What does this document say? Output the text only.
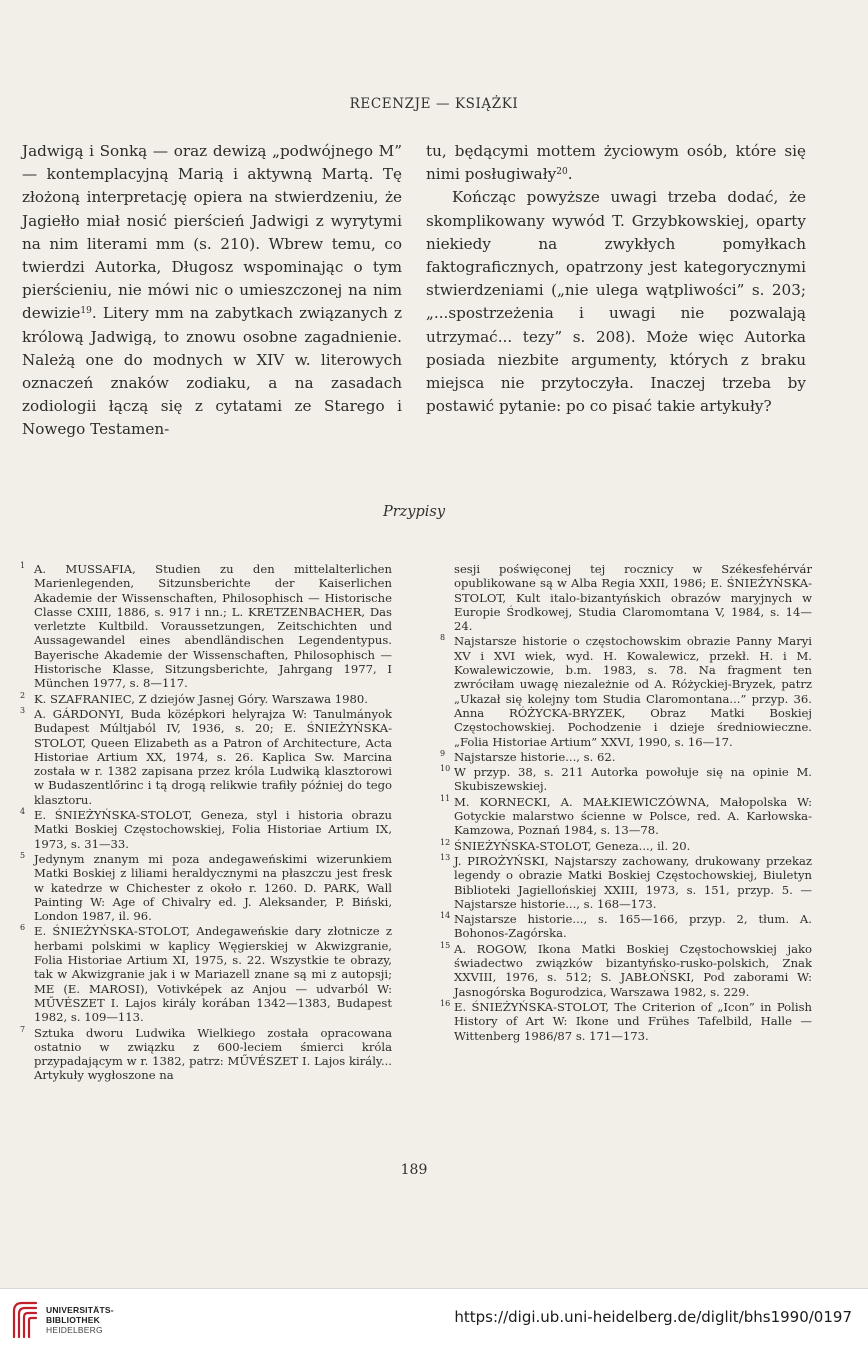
RECENZJE — KSIĄŻKI

Jadwigą i Sonką — oraz dewizą „podwójnego M” — kontemplacyjną Marią i aktywną Martą. Tę złożoną interpretację opiera na stwierdzeniu, że Jagiełło miał nosić pierścień Jadwigi z wyrytymi na nim literami mm (s. 210). Wbrew temu, co twierdzi Autorka, Długosz wspominając o tym pierścieniu, nie mówi nic o umieszczonej na nim dewizie$^{19}$. Litery mm na zabytkach związanych z królową Jadwigą, to znowu osobne zagadnienie. Należą one do modnych w XIV w. literowych oznaczeń znaków zodiaku, a na zasadach zodiologii łączą się z cytatami ze Starego i Nowego Testamen-

tu, będącymi mottem życiowym osób, które się nimi posługiwały$^{20}$.

Kończąc powyższe uwagi trzeba dodać, że skomplikowany wywód T. Grzybkowskiej, oparty niekiedy na zwykłych pomyłkach faktograficznych, opatrzony jest kategorycznymi stwierdzeniami („nie ulega wątpliwości” s. 203; „...spostrzeżenia i uwagi nie pozwalają utrzymać... tezy” s. 208). Może więc Autorka posiada niezbite argumenty, których z braku miejsca nie przytoczyła. Inaczej trzeba by postawić pytanie: po co pisać takie artykuły?

Przypisy

1 A. MUSSAFIA, Studien zu den mittelalterlichen Marienlegenden, Sitzunsberichte der Kaiserlichen Akademie der Wissenschaften, Philosophisch — Historische Classe CXIII, 1886, s. 917 i nn.; L. KRETZENBACHER, Das verletzte Kultbild. Voraussetzungen, Zeitschichten und Aussagewandel eines abendländischen Legendentypus. Bayerische Akademie der Wissenschaften, Philosophisch — Historische Klasse, Sitzungsberichte, Jahrgang 1977, I München 1977, s. 8—117.

2 K. SZAFRANIEC, Z dziejów Jasnej Góry. Warszawa 1980.

3 A. GÁRDONYI, Buda középkori helyrajza W: Tanulmányok Budapest Múltjaból IV, 1936, s. 20; E. ŚNIEŻYŃSKA-STOLOT, Queen Elizabeth as a Patron of Architecture, Acta Historiae Artium XX, 1974, s. 26. Kaplica Sw. Marcina została w r. 1382 zapisana przez króla Ludwiką klasztorowi w Budaszentlőrinc i tą drogą relikwie trafiły później do tego klasztoru.

4 E. ŚNIEŻYŃSKA-STOLOT, Geneza, styl i historia obrazu Matki Boskiej Częstochowskiej, Folia Historiae Artium IX, 1973, s. 31—33.

5 Jedynym znanym mi poza andegaweńskimi wizerunkiem Matki Boskiej z liliami heraldycznymi na płaszczu jest fresk w katedrze w Chichester z około r. 1260. D. PARK, Wall Painting W: Age of Chivalry ed. J. Aleksander, P. Biński, London 1987, il. 96.

6 E. ŚNIEŻYŃSKA-STOLOT, Andegaweńskie dary złotnicze z herbami polskimi w kaplicy Węgierskiej w Akwizgranie, Folia Historiae Artium XI, 1975, s. 22. Wszystkie te obrazy, tak w Akwizgranie jak i w Mariazell znane są mi z autopsji; ME (E. MAROSI), Votivképek az Anjou — udvarból W: MŰVÉSZET I. Lajos király korában 1342—1383, Budapest 1982, s. 109—113.

7 Sztuka dworu Ludwika Wielkiego została opracowana ostatnio w związku z 600-leciem śmierci króla przypadającym w r. 1382, patrz: MŰVÉSZET I. Lajos király... Artykuły wygłoszone na

sesji poświęconej tej rocznicy w Székesfehérvár opublikowane są w Alba Regia XXII, 1986; E. ŚNIEŻYŃSKA-STOLOT, Kult italo-bizantyńskich obrazów maryjnych w Europie Środkowej, Studia Claromomtana V, 1984, s. 14—24.

8 Najstarsze historie o częstochowskim obrazie Panny Maryi XV i XVI wiek, wyd. H. Kowalewicz, przekł. H. i M. Kowalewiczowie, b.m. 1983, s. 78. Na fragment ten zwróciłam uwagę niezależnie od A. Różyckiej-Bryzek, patrz „Ukazał się kolejny tom Studia Claromontana...” przyp. 36. Anna RÓŻYCKA-BRYZEK, Obraz Matki Boskiej Częstochowskiej. Pochodzenie i dzieje średniowieczne. „Folia Historiae Artium” XXVI, 1990, s. 16—17.

9 Najstarsze historie..., s. 62.

10 W przyp. 38, s. 211 Autorka powołuje się na opinie M. Skubiszewskiej.

11 M. KORNECKI, A. MAŁKIEWICZÓWNA, Małopolska W: Gotyckie malarstwo ścienne w Polsce, red. A. Karłowska-Kamzowa, Poznań 1984, s. 13—78.

12 ŚNIEŻYŃSKA-STOLOT, Geneza..., il. 20.

13 J. PIROŻYŃSKI, Najstarszy zachowany, drukowany przekaz legendy o obrazie Matki Boskiej Częstochowskiej, Biuletyn Biblioteki Jagiellońskiej XXIII, 1973, s. 151, przyp. 5. — Najstarsze historie..., s. 168—173.

14 Najstarsze historie..., s. 165—166, przyp. 2, tłum. A. Bohonos-Zagórska.

15 A. ROGOW, Ikona Matki Boskiej Częstochowskiej jako świadectwo związków bizantyńsko-rusko-polskich, Znak XXVIII, 1976, s. 512; S. JABŁOŃSKI, Pod zaborami W: Jasnogórska Bogurodzica, Warszawa 1982, s. 229.

16 E. ŚNIEŻYŃSKA-STOLOT, The Criterion of „Icon” in Polish History of Art W: Ikone und Frühes Tafelbild, Halle — Wittenberg 1986/87 s. 171—173.

189
UNIVERSITÄTS-
BIBLIOTHEK
HEIDELBERG
https://digi.ub.uni-heidelberg.de/diglit/bhs1990/0197
